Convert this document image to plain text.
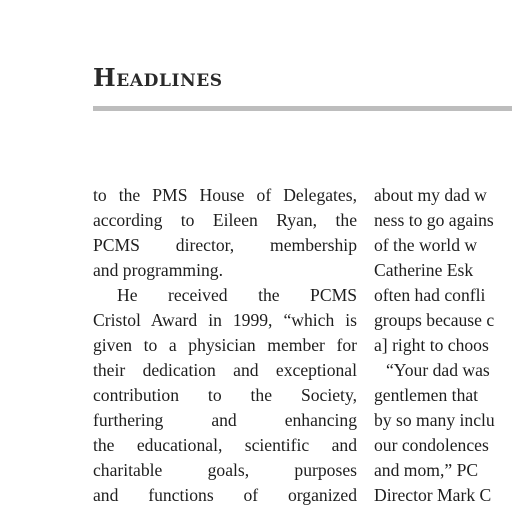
Headlines
to the PMS House of Delegates,
according to Eileen Ryan, the
PCMS director, membership
and programming.
He received the PCMS
Cristol Award in 1999, “which is
given to a physician member for
their dedication and exceptional
contribution to the Society,
furthering and enhancing
the educational, scientific and
charitable goals, purposes
and functions of organized
about my dad w
ness to go agains
of the world w
Catherine Esk
often had confli
groups because c
a] right to choos
“Your dad was
gentlemen that
by so many inclu
our condolences
and mom,” PC
Director Mark C
